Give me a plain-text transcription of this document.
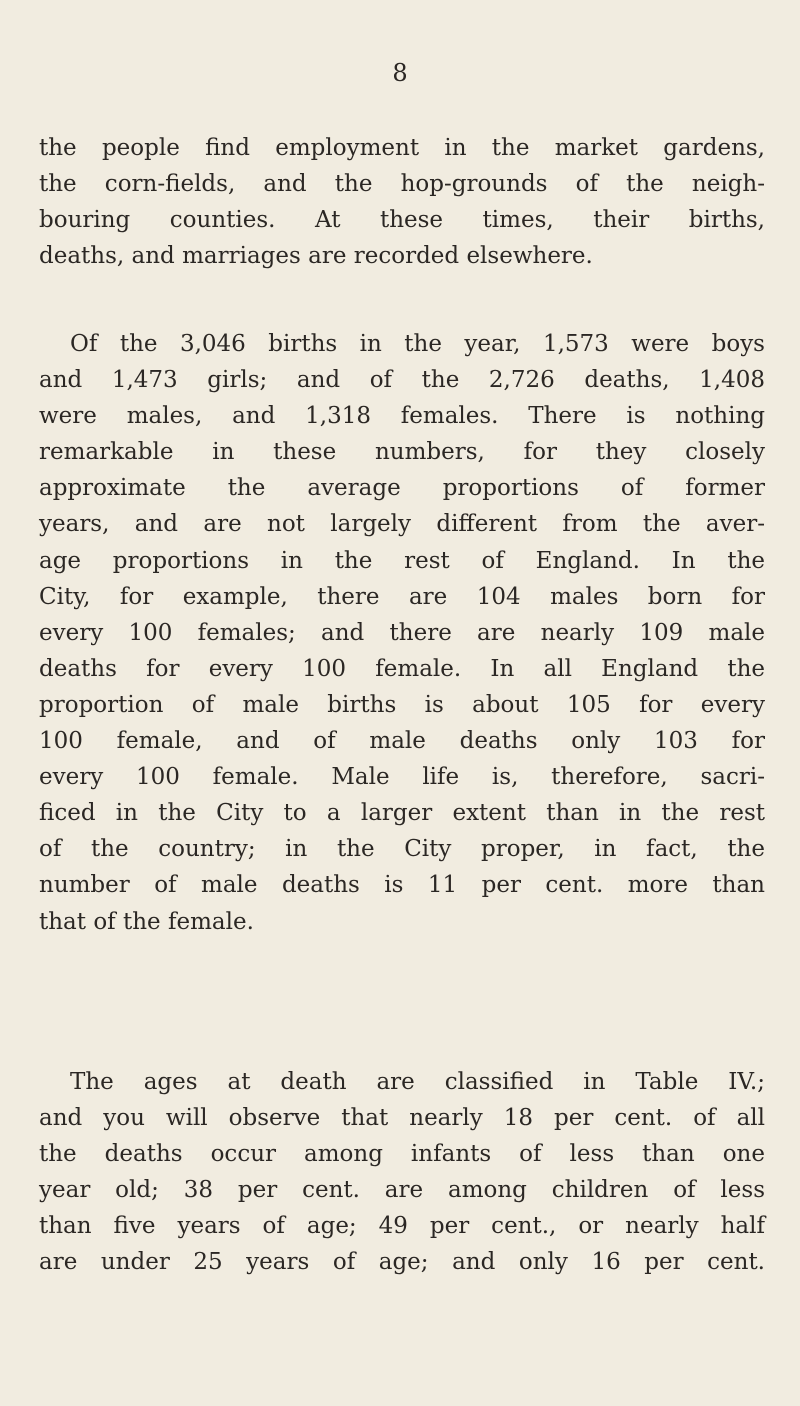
8

the people find employment in the market gardens,
the corn-fields, and the hop-grounds of the neigh-
bouring counties. At these times, their births,
deaths, and marriages are recorded elsewhere.

Of the 3,046 births in the year, 1,573 were boys
and 1,473 girls; and of the 2,726 deaths, 1,408
were males, and 1,318 females. There is nothing
remarkable in these numbers, for they closely
approximate the average proportions of former
years, and are not largely different from the aver-
age proportions in the rest of England. In the
City, for example, there are 104 males born for
every 100 females; and there are nearly 109 male
deaths for every 100 female. In all England the
proportion of male births is about 105 for every
100 female, and of male deaths only 103 for
every 100 female. Male life is, therefore, sacri-
ficed in the City to a larger extent than in the rest
of the country; in the City proper, in fact, the
number of male deaths is 11 per cent. more than
that of the female.

The ages at death are classified in Table IV.;
and you will observe that nearly 18 per cent. of all
the deaths occur among infants of less than one
year old; 38 per cent. are among children of less
than five years of age; 49 per cent., or nearly half
are under 25 years of age; and only 16 per cent.
